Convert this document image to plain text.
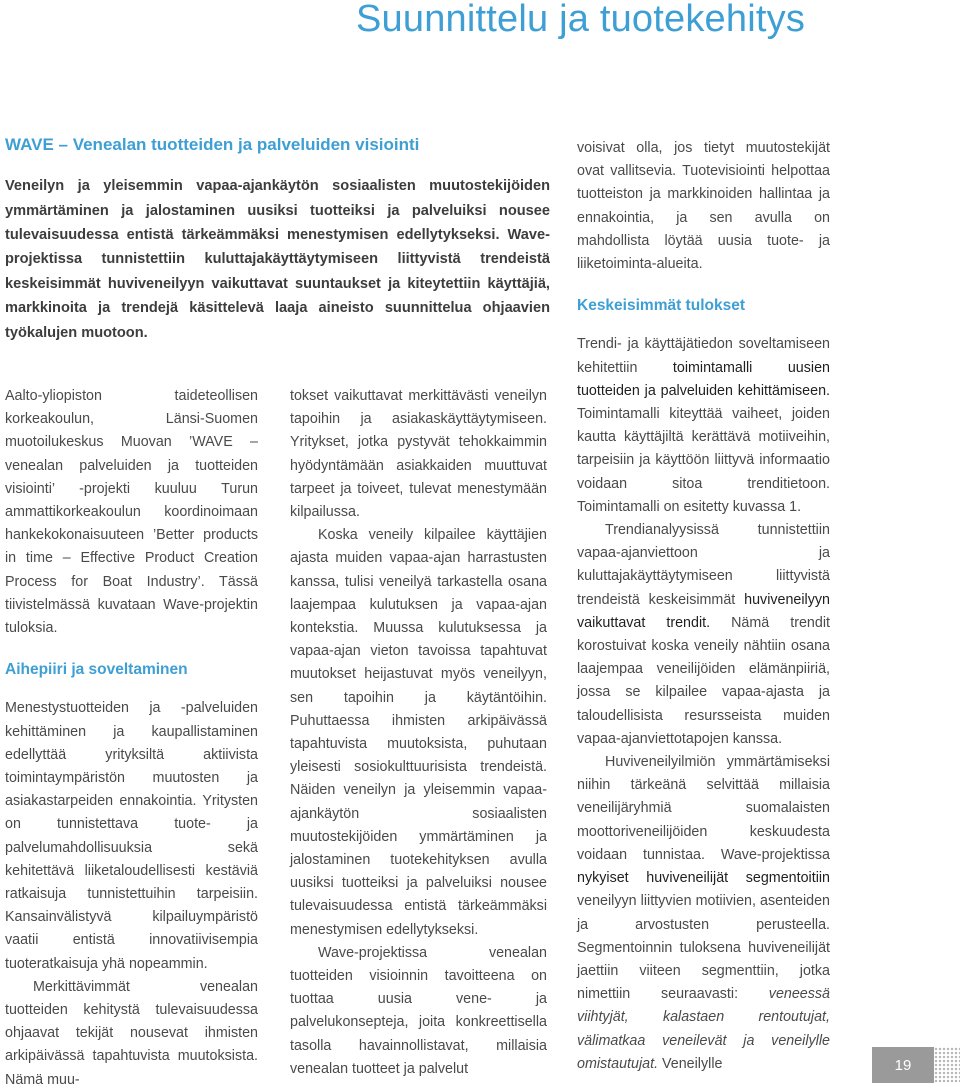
Suunnittelu ja tuotekehitys
WAVE – Venealan tuotteiden ja palveluiden visiointi

Veneilyn ja yleisemmin vapaa-ajankäytön sosiaalisten muutostekijöiden ymmärtäminen ja jalostaminen uusiksi tuotteiksi ja palveluiksi nousee tulevaisuudessa entistä tärkeämmäksi menestymisen edellytykseksi. Wave-projektissa tunnistettiin kuluttajakäyttäytymiseen liittyvistä trendeistä keskeisimmät huviveneilyyn vaikuttavat suuntaukset ja kiteytettiin käyttäjiä, markkinoita ja trendejä käsittelevä laaja aineisto suunnittelua ohjaavien työkalujen muotoon.

Aalto-yliopiston taideteollisen korkeakoulun, Länsi-Suomen muotoilukeskus Muovan ’WAVE – venealan palveluiden ja tuotteiden visiointi’ -projekti kuuluu Turun ammattikorkeakoulun koordinoimaan hankekokonaisuuteen ’Better products in time – Effective Product Creation Process for Boat Industry’. Tässä tiivistelmässä kuvataan Wave-projektin tuloksia.

Aihepiiri ja soveltaminen

Menestystuotteiden ja -palveluiden kehittäminen ja kaupallistaminen edellyttää yrityksiltä aktiivista toimintaympäristön muutosten ja asiakastarpeiden ennakointia. Yritysten on tunnistettava tuote- ja palvelumahdollisuuksia sekä kehitettävä liiketaloudellisesti kestäviä ratkaisuja tunnistettuihin tarpeisiin. Kansainvälistyvä kilpailuympäristö vaatii entistä innovatiivisempia tuoteratkaisuja yhä nopeammin.

Merkittävimmät venealan tuotteiden kehitystä tulevaisuudessa ohjaavat tekijät nousevat ihmisten arkipäivässä tapahtuvista muutoksista. Nämä muu-

tokset vaikuttavat merkittävästi veneilyn tapoihin ja asiakaskäyttäytymiseen. Yritykset, jotka pystyvät tehokkaimmin hyödyntämään asiakkaiden muuttuvat tarpeet ja toiveet, tulevat menestymään kilpailussa.

Koska veneily kilpailee käyttäjien ajasta muiden vapaa-ajan harrastusten kanssa, tulisi veneilyä tarkastella osana laajempaa kulutuksen ja vapaa-ajan kontekstia. Muussa kulutuksessa ja vapaa-ajan vieton tavoissa tapahtuvat muutokset heijastuvat myös veneilyyn, sen tapoihin ja käytäntöihin. Puhuttaessa ihmisten arkipäivässä tapahtuvista muutoksista, puhutaan yleisesti sosiokulttuurisista trendeistä. Näiden veneilyn ja yleisemmin vapaa-ajankäytön sosiaalisten muutostekijöiden ymmärtäminen ja jalostaminen tuotekehityksen avulla uusiksi tuotteiksi ja palveluiksi nousee tulevaisuudessa entistä tärkeämmäksi menestymisen edellytykseksi.

Wave-projektissa venealan tuotteiden visioinnin tavoitteena on tuottaa uusia vene- ja palvelukonsepteja, joita konkreettisella tasolla havainnollistavat, millaisia venealan tuotteet ja palvelut

voisivat olla, jos tietyt muutostekijät ovat vallitsevia. Tuotevisiointi helpottaa tuotteiston ja markkinoiden hallintaa ja ennakointia, ja sen avulla on mahdollista löytää uusia tuote- ja liiketoiminta-alueita.

Keskeisimmät tulokset

Trendi- ja käyttäjätiedon soveltamiseen kehitettiin toimintamalli uusien tuotteiden ja palveluiden kehittämiseen. Toimintamalli kiteyttää vaiheet, joiden kautta käyttäjiltä kerättävä motiiveihin, tarpeisiin ja käyttöön liittyvä informaatio voidaan sitoa trenditietoon. Toimintamalli on esitetty kuvassa 1.

Trendianalyysissä tunnistettiin vapaa-ajanviettoon ja kuluttajakäyttäytymiseen liittyvistä trendeistä keskeisimmät huviveneilyyn vaikuttavat trendit. Nämä trendit korostuivat koska veneily nähtiin osana laajempaa veneilijöiden elämänpiiriä, jossa se kilpailee vapaa-ajasta ja taloudellisista resursseista muiden vapaa-ajanviettotapojen kanssa.

Huviveneilyilmiön ymmärtämiseksi niihin tärkeänä selvittää millaisia veneilijäryhmiä suomalaisten moottoriveneilijöiden keskuudesta voidaan tunnistaa. Wave-projektissa nykyiset huviveneilijät segmentoitiin veneilyyn liittyvien motiivien, asenteiden ja arvostusten perusteella. Segmentoinnin tuloksena huviveneilijät jaettiin viiteen segmenttiin, jotka nimettiin seuraavasti: veneessä viihtyjät, kalastaen rentoutujat, välimatkaa veneilevät ja veneilylle omistautujat. Veneilylle	19
